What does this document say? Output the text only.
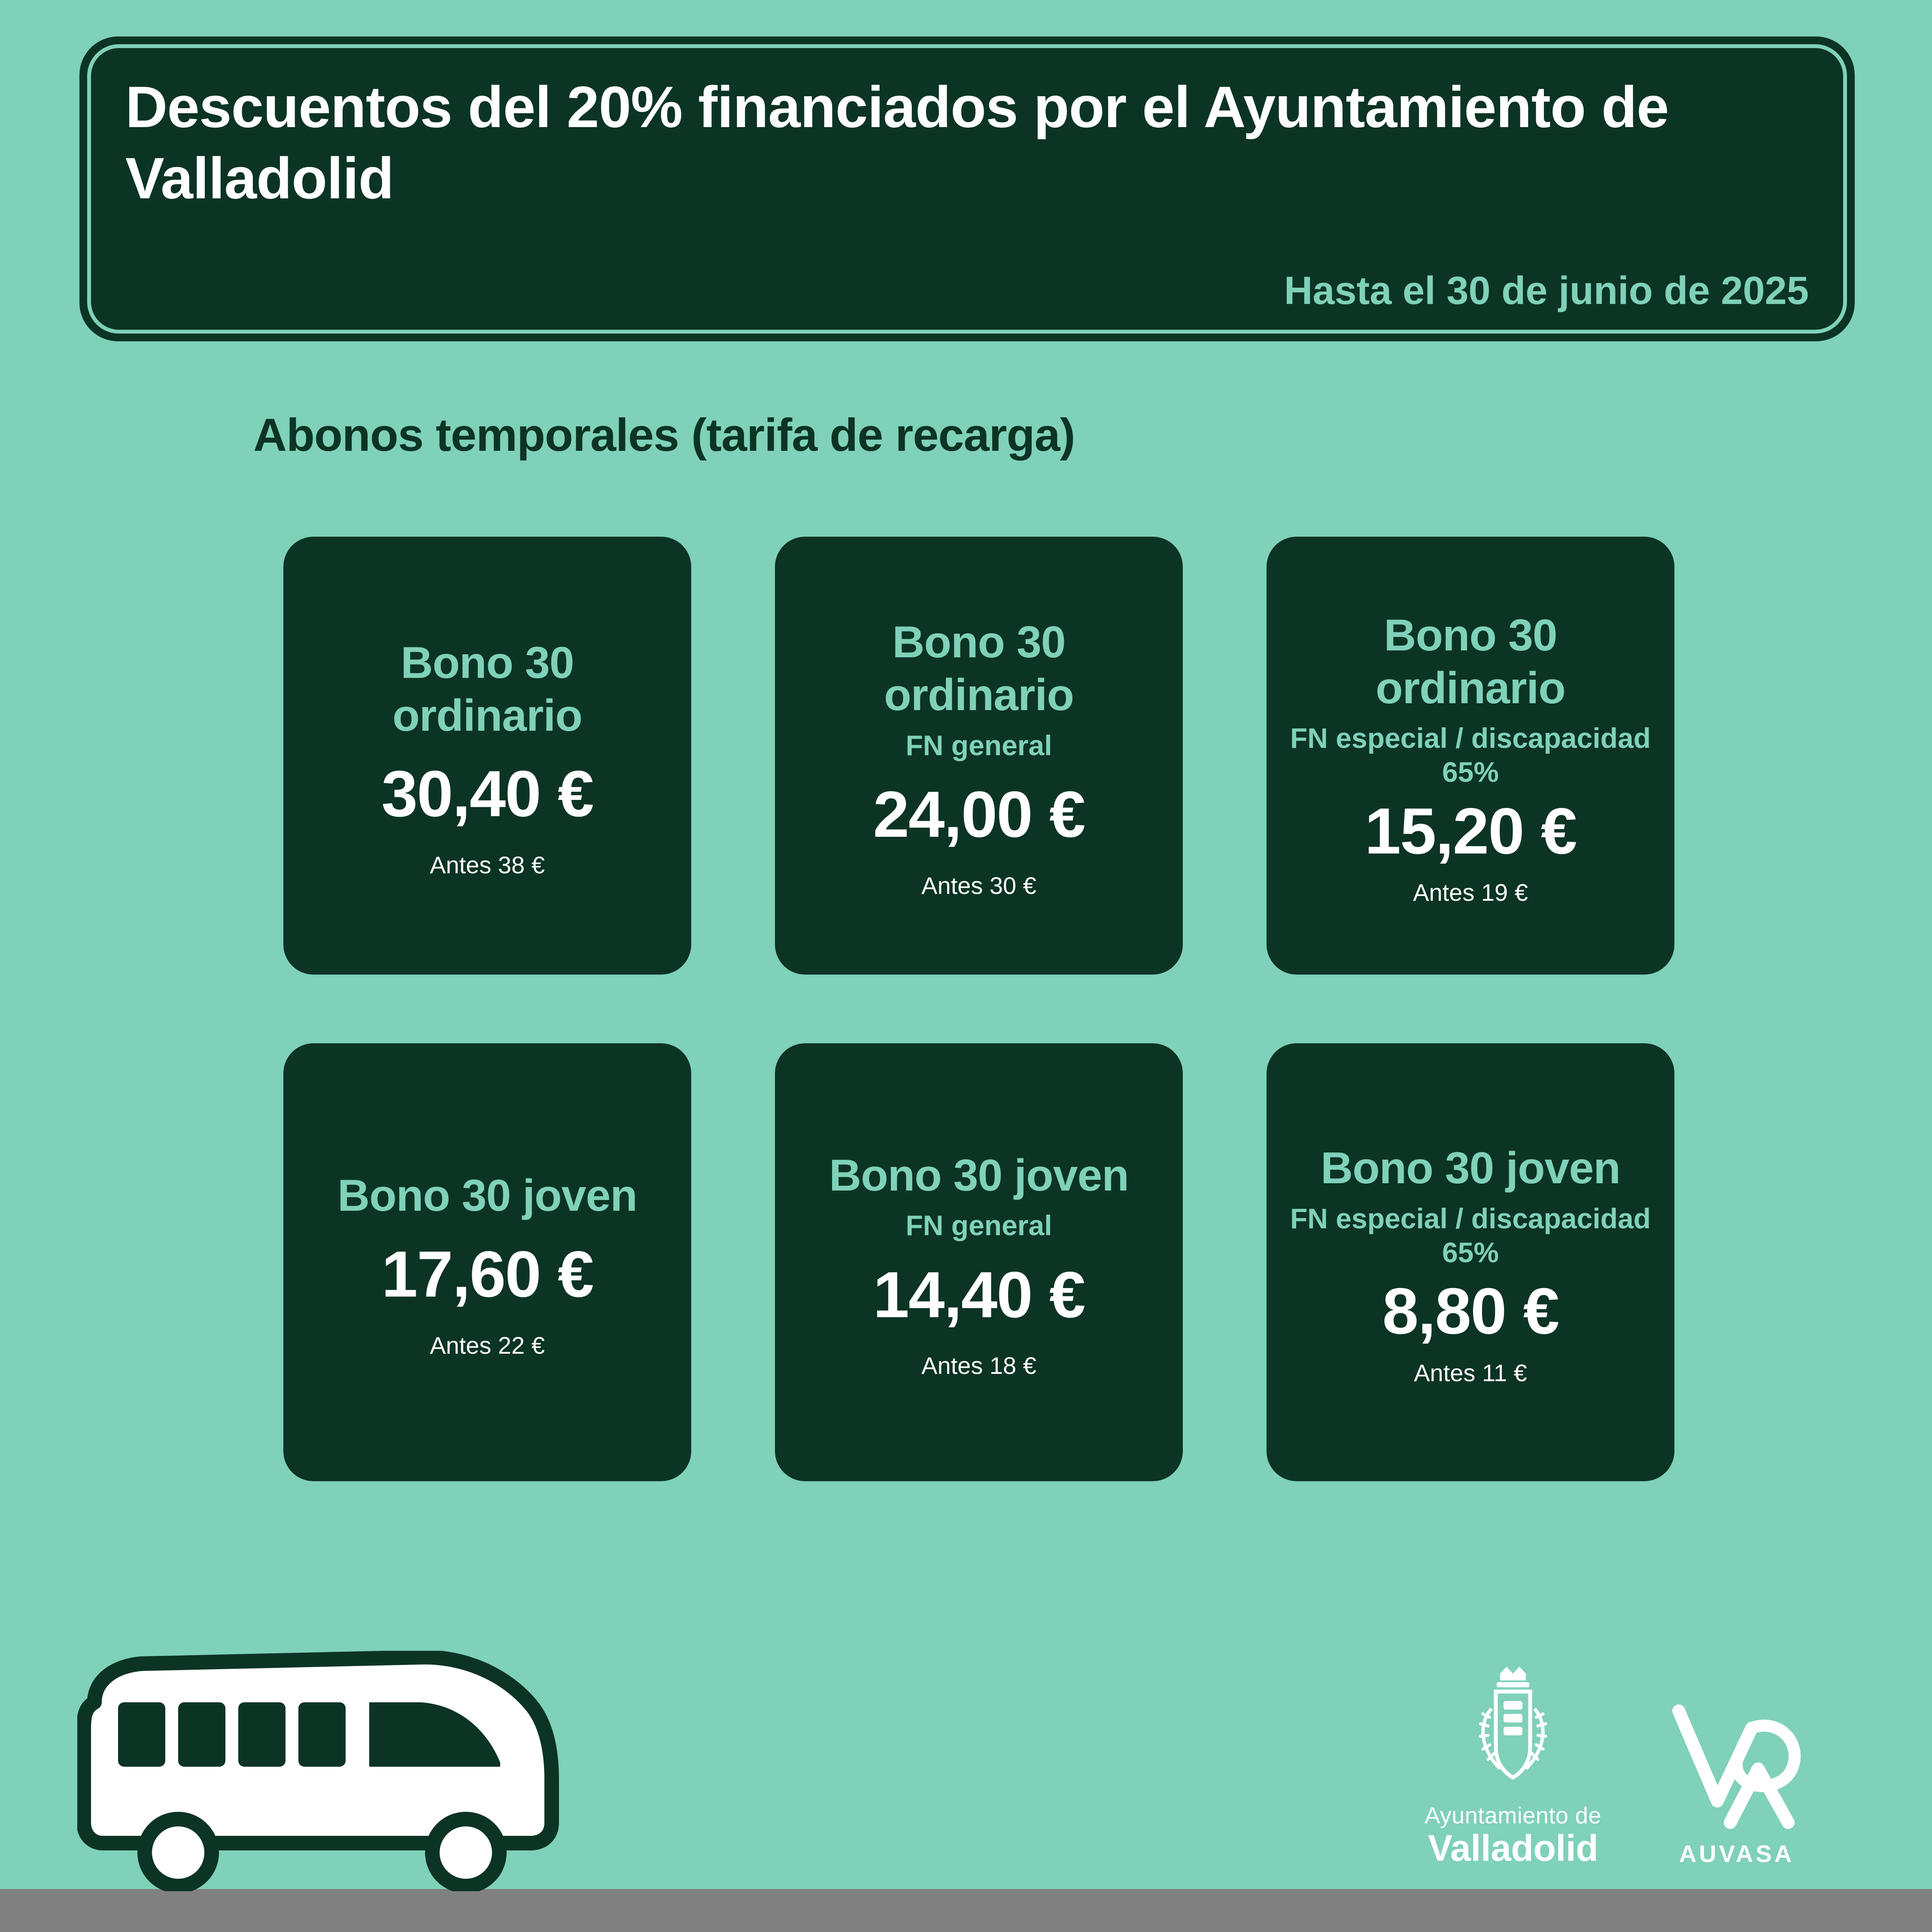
Descuentos del 20% financiados por el Ayuntamiento de Valladolid
Hasta el 30 de junio de 2025
Abonos temporales (tarifa de recarga)
Bono 30 ordinario
30,40 €
Antes 38 €
Bono 30 ordinario
FN general
24,00 €
Antes 30 €
Bono 30 ordinario
FN especial / discapacidad 65%
15,20 €
Antes 19 €
Bono 30 joven
17,60 €
Antes 22 €
Bono 30 joven
FN general
14,40 €
Antes 18 €
Bono 30 joven
FN especial / discapacidad 65%
8,80 €
Antes 11 €
Ayuntamiento de
Valladolid	AUVASA
